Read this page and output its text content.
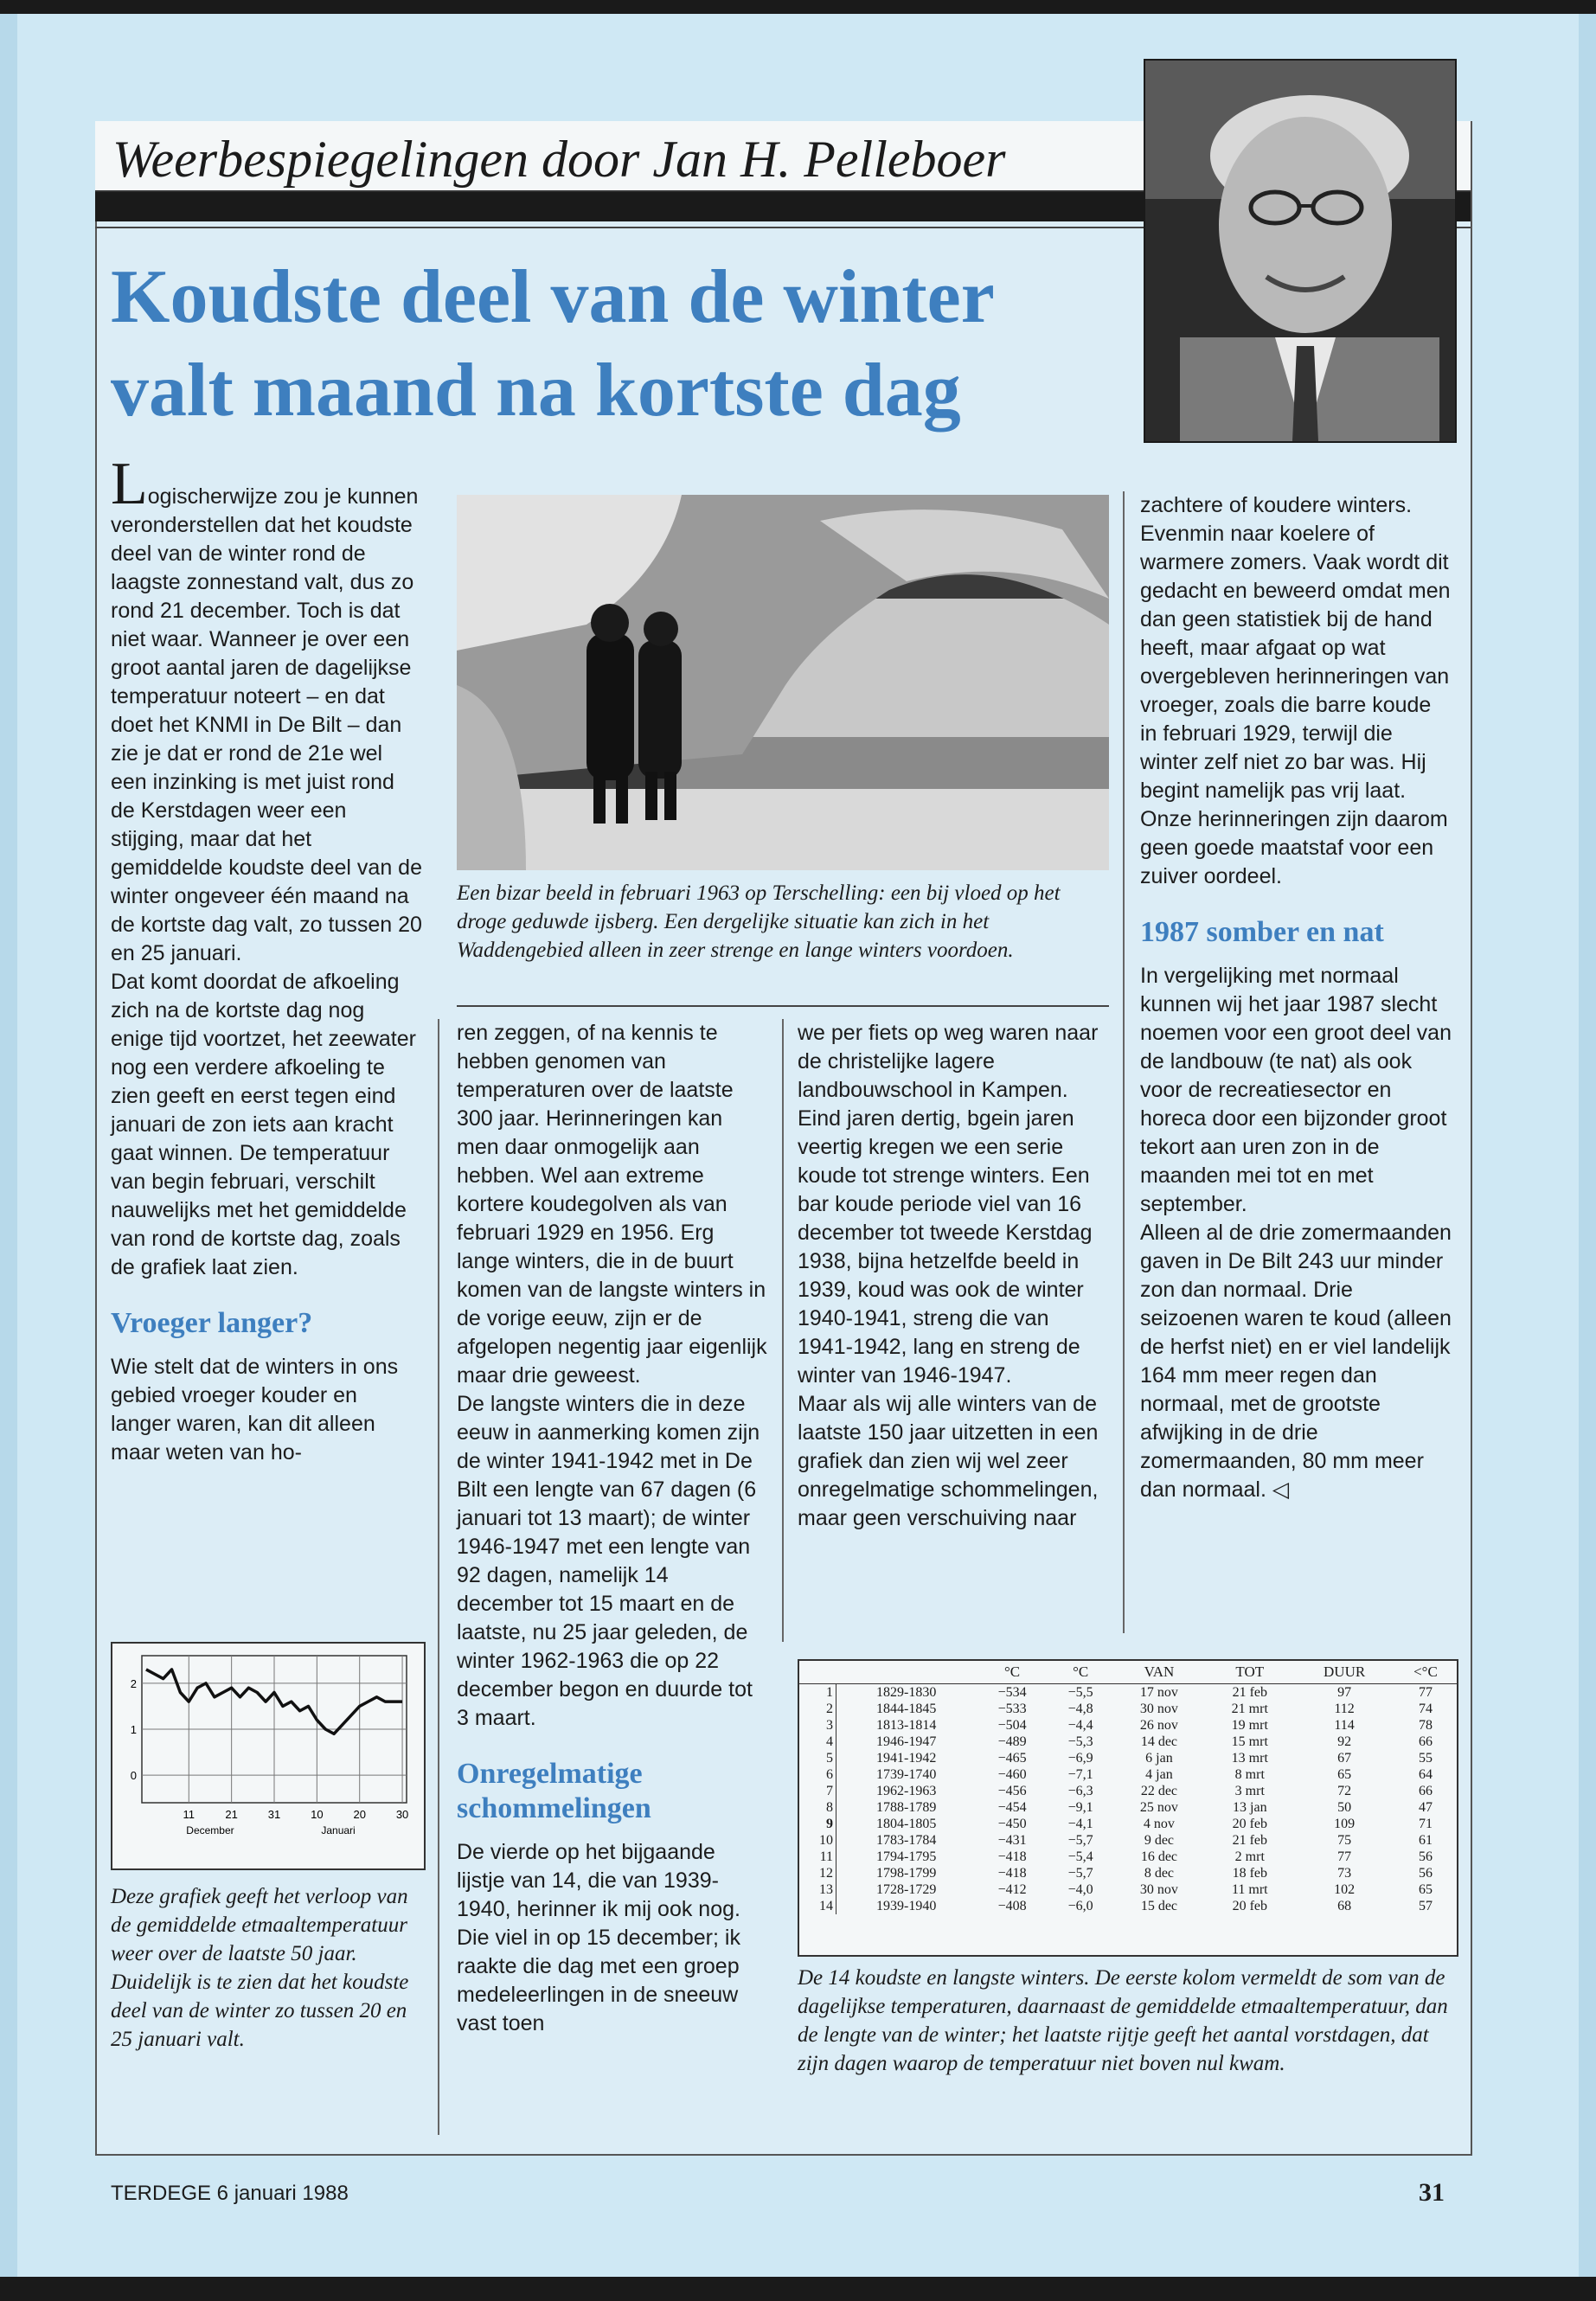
Weerbespiegelingen door Jan H. Pelleboer
Koudste deel van de winter valt maand na kortste dag

Logischerwijze zou je kunnen veronderstellen dat het koudste deel van de winter rond de laagste zonnestand valt, dus zo rond 21 december. Toch is dat niet waar. Wanneer je over een groot aantal jaren de dagelijkse temperatuur noteert – en dat doet het KNMI in De Bilt – dan zie je dat er rond de 21e wel een inzinking is met juist rond de Kerstdagen weer een stijging, maar dat het gemiddelde koudste deel van de winter ongeveer één maand na de kortste dag valt, zo tussen 20 en 25 januari.

Dat komt doordat de afkoeling zich na de kortste dag nog enige tijd voortzet, het zeewater nog een verdere afkoeling te zien geeft en eerst tegen eind januari de zon iets aan kracht gaat winnen. De temperatuur van begin februari, verschilt nauwelijks met het gemiddelde van rond de kortste dag, zoals de grafiek laat zien.

Vroeger langer?

Wie stelt dat de winters in ons gebied vroeger kouder en langer waren, kan dit alleen maar weten van ho-

Een bizar beeld in februari 1963 op Terschelling: een bij vloed op het droge geduwde ijsberg. Een dergelijke situatie kan zich in het Waddengebied alleen in zeer strenge en lange winters voordoen.

ren zeggen, of na kennis te hebben genomen van temperaturen over de laatste 300 jaar. Herinneringen kan men daar onmogelijk aan hebben. Wel aan extreme kortere koudegolven als van februari 1929 en 1956. Erg lange winters, die in de buurt komen van de langste winters in de vorige eeuw, zijn er de afgelopen negentig jaar eigenlijk maar drie geweest.

De langste winters die in deze eeuw in aanmerking komen zijn de winter 1941-1942 met in De Bilt een lengte van 67 dagen (6 januari tot 13 maart); de winter 1946-1947 met een lengte van 92 dagen, namelijk 14 december tot 15 maart en de laatste, nu 25 jaar geleden, de winter 1962-1963 die op 22 december begon en duurde tot 3 maart.

Onregelmatige schommelingen

De vierde op het bijgaande lijstje van 14, die van 1939-1940, herinner ik mij ook nog. Die viel in op 15 december; ik raakte die dag met een groep medeleerlingen in de sneeuw vast toen

we per fiets op weg waren naar de christelijke lagere landbouwschool in Kampen.

Eind jaren dertig, bgein jaren veertig kregen we een serie koude tot strenge winters. Een bar koude periode viel van 16 december tot tweede Kerstdag 1938, bijna hetzelfde beeld in 1939, koud was ook de winter 1940-1941, streng die van 1941-1942, lang en streng de winter van 1946-1947.

Maar als wij alle winters van de laatste 150 jaar uitzetten in een grafiek dan zien wij wel zeer onregelmatige schommelingen, maar geen verschuiving naar

zachtere of koudere winters. Evenmin naar koelere of warmere zomers. Vaak wordt dit gedacht en beweerd omdat men dan geen statistiek bij de hand heeft, maar afgaat op wat overgebleven herinneringen van vroeger, zoals die barre koude in februari 1929, terwijl die winter zelf niet zo bar was. Hij begint namelijk pas vrij laat. Onze herinneringen zijn daarom geen goede maatstaf voor een zuiver oordeel.

1987 somber en nat

In vergelijking met normaal kunnen wij het jaar 1987 slecht noemen voor een groot deel van de landbouw (te nat) als ook voor de recreatiesector en horeca door een bijzonder groot tekort aan uren zon in de maanden mei tot en met september.

Alleen al de drie zomermaanden gaven in De Bilt 243 uur minder zon dan normaal. Drie seizoenen waren te koud (alleen de herfst niet) en er viel landelijk 164 mm meer regen dan normaal, met de grootste afwijking in de drie zomermaanden, 80 mm meer dan normaal. ◁

11	21	31	10	20	30
2
1
0
December	Januari
Deze grafiek geeft het verloop van de gemiddelde etmaaltemperatuur weer over de laatste 50 jaar. Duidelijk is te zien dat het koudste deel van de winter zo tussen 20 en 25 januari valt.
		°C	°C	VAN	TOT	DUUR	<°C
1	1829-1830	−534	−5,5	17 nov	21 feb	97	77
2	1844-1845	−533	−4,8	30 nov	21 mrt	112	74
3	1813-1814	−504	−4,4	26 nov	19 mrt	114	78
4	1946-1947	−489	−5,3	14 dec	15 mrt	92	66
5	1941-1942	−465	−6,9	6 jan	13 mrt	67	55
6	1739-1740	−460	−7,1	4 jan	8 mrt	65	64
7	1962-1963	−456	−6,3	22 dec	3 mrt	72	66
8	1788-1789	−454	−9,1	25 nov	13 jan	50	47
9	1804-1805	−450	−4,1	4 nov	20 feb	109	71
10	1783-1784	−431	−5,7	9 dec	21 feb	75	61
11	1794-1795	−418	−5,4	16 dec	2 mrt	77	56
12	1798-1799	−418	−5,7	8 dec	18 feb	73	56
13	1728-1729	−412	−4,0	30 nov	11 mrt	102	65
14	1939-1940	−408	−6,0	15 dec	20 feb	68	57
De 14 koudste en langste winters. De eerste kolom vermeldt de som van de dagelijkse temperaturen, daarnaast de gemiddelde etmaaltemperatuur, dan de lengte van de winter; het laatste rijtje geeft het aantal vorstdagen, dat zijn dagen waarop de temperatuur niet boven nul kwam.
TERDEGE 6 januari 1988	31
